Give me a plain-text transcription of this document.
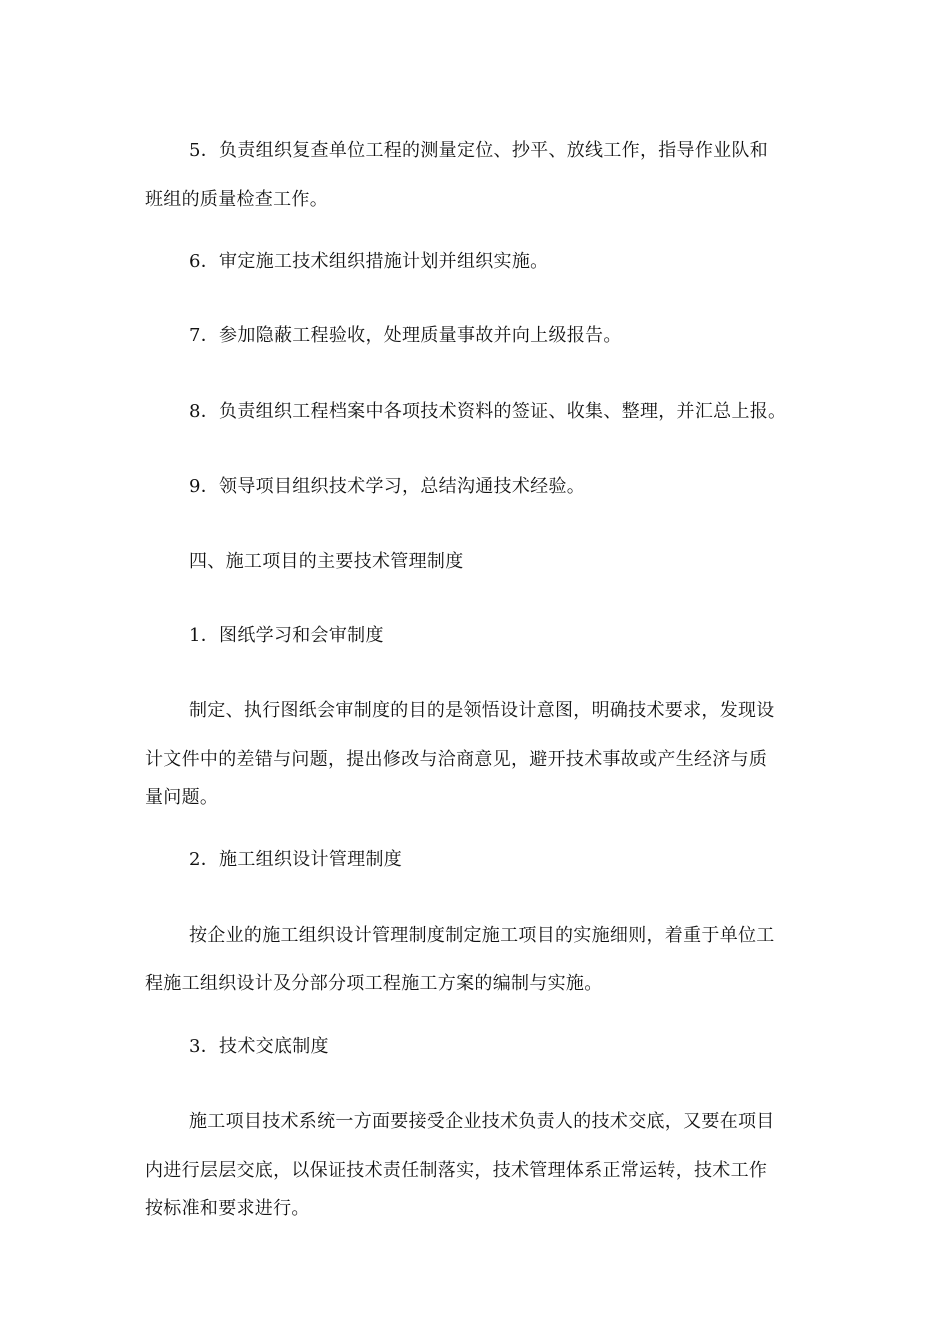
5．负责组织复查单位工程的测量定位、抄平、放线工作，指导作业队和
班组的质量检查工作。
6．审定施工技术组织措施计划并组织实施。
7．参加隐蔽工程验收，处理质量事故并向上级报告。
8．负责组织工程档案中各项技术资料的签证、收集、整理，并汇总上报。
9．领导项目组织技术学习，总结沟通技术经验。
四、施工项目的主要技术管理制度
1．图纸学习和会审制度
制定、执行图纸会审制度的目的是领悟设计意图，明确技术要求，发现设
计文件中的差错与问题，提出修改与洽商意见，避开技术事故或产生经济与质
量问题。
2．施工组织设计管理制度
按企业的施工组织设计管理制度制定施工项目的实施细则，着重于单位工
程施工组织设计及分部分项工程施工方案的编制与实施。
3．技术交底制度
施工项目技术系统一方面要接受企业技术负责人的技术交底，又要在项目
内进行层层交底，以保证技术责任制落实，技术管理体系正常运转，技术工作
按标准和要求进行。
